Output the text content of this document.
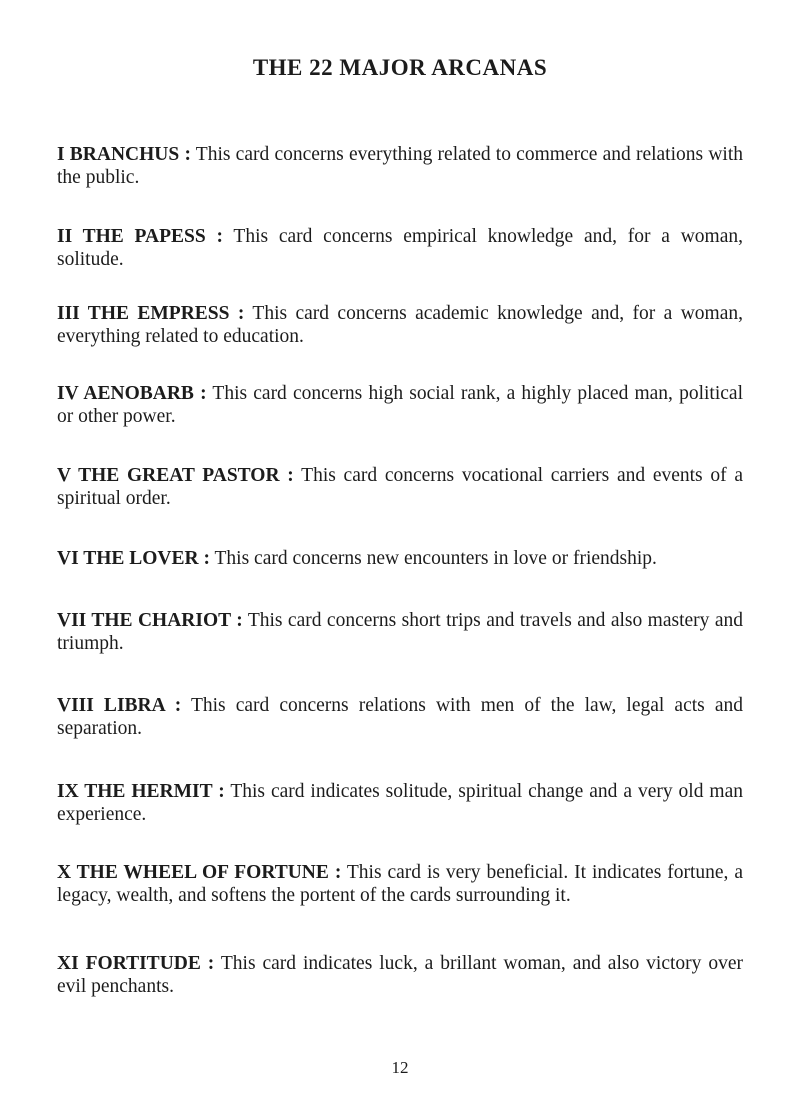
THE 22 MAJOR ARCANAS

I BRANCHUS : This card concerns everything related to commerce and relations with the public.

II THE PAPESS : This card concerns empirical knowledge and, for a woman, solitude.

III THE EMPRESS : This card concerns academic knowledge and, for a woman, everything related to education.

IV AENOBARB : This card concerns high social rank, a highly placed man, political or other power.

V THE GREAT PASTOR : This card concerns vocational carriers and events of a spiritual order.

VI THE LOVER : This card concerns new encounters in love or friendship.

VII THE CHARIOT : This card concerns short trips and travels and also mastery and triumph.

VIII LIBRA : This card concerns relations with men of the law, legal acts and separation.

IX THE HERMIT : This card indicates solitude, spiritual change and a very old man experience.

X THE WHEEL OF FORTUNE : This card is very beneficial. It indicates fortune, a legacy, wealth, and softens the portent of the cards surrounding it.

XI FORTITUDE : This card indicates luck, a brillant woman, and also victory over evil penchants.

12
